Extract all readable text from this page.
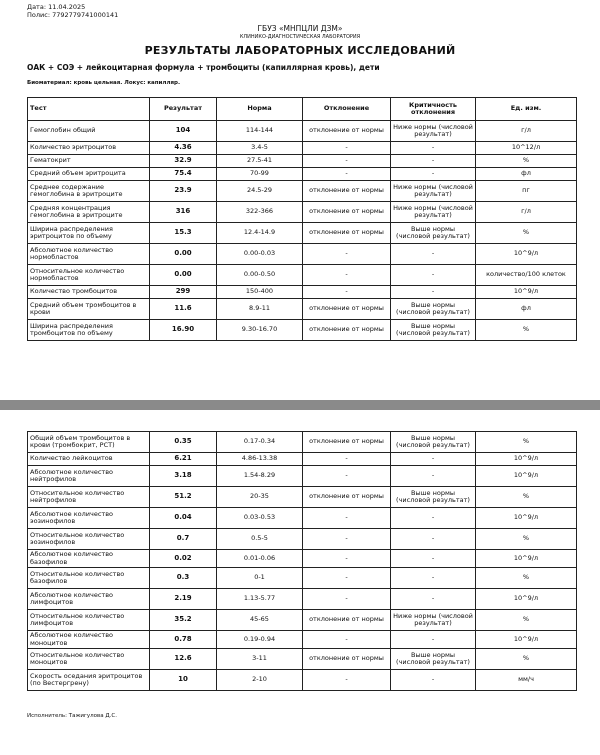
Дата: 11.04.2025
Полис: 7792779741000141
ГБУЗ «МНПЦЛИ ДЗМ»
КЛИНИКО-ДИАГНОСТИЧЕСКАЯ ЛАБОРАТОРИЯ
РЕЗУЛЬТАТЫ ЛАБОРАТОРНЫХ ИССЛЕДОВАНИЙ
ОАК + СОЭ + лейкоцитарная формула + тромбоциты (капиллярная кровь), дети
Биоматериал: кровь цельная. Локус: капилляр.
Тест	Результат	Норма	Отклонение	Критичность отклонения	Ед. изм.
Гемоглобин общий	104	114-144	отклонение от нормы	Ниже нормы (числовой результат)	г/л
Количество эритроцитов	4.36	3.4-5	-	-	10^12/л
Гематокрит	32.9	27.5-41	-	-	%
Средний объем эритроцита	75.4	70-99	-	-	фл
Среднее содержание гемоглобина в эритроците	23.9	24.5-29	отклонение от нормы	Ниже нормы (числовой результат)	пг
Средняя концентрация гемоглобина в эритроците	316	322-366	отклонение от нормы	Ниже нормы (числовой результат)	г/л
Ширина распределения эритроцитов по объему	15.3	12.4-14.9	отклонение от нормы	Выше нормы (числовой результат)	%
Абсолютное количество нормобластов	0.00	0.00-0.03	-	-	10^9/л
Относительное количество нормобластов	0.00	0.00-0.50	-	-	количество/100 клеток
Количество тромбоцитов	299	150-400	-	-	10^9/л
Средний объем тромбоцитов в крови	11.6	8.9-11	отклонение от нормы	Выше нормы (числовой результат)	фл
Ширина распределения тромбоцитов по объему	16.90	9.30-16.70	отклонение от нормы	Выше нормы (числовой результат)	%
Общий объем тромбоцитов в крови (тромбокрит, PCT)	0.35	0.17-0.34	отклонение от нормы	Выше нормы (числовой результат)	%
Количество лейкоцитов	6.21	4.86-13.38	-	-	10^9/л
Абсолютное количество нейтрофилов	3.18	1.54-8.29	-	-	10^9/л
Относительное количество нейтрофилов	51.2	20-35	отклонение от нормы	Выше нормы (числовой результат)	%
Абсолютное количество эозинофилов	0.04	0.03-0.53	-	-	10^9/л
Относительное количество эозинофилов	0.7	0.5-5	-	-	%
Абсолютное количество базофилов	0.02	0.01-0.06	-	-	10^9/л
Относительное количество базофилов	0.3	0-1	-	-	%
Абсолютное количество лимфоцитов	2.19	1.13-5.77	-	-	10^9/л
Относительное количество лимфоцитов	35.2	45-65	отклонение от нормы	Ниже нормы (числовой результат)	%
Абсолютное количество моноцитов	0.78	0.19-0.94	-	-	10^9/л
Относительное количество моноцитов	12.6	3-11	отклонение от нормы	Выше нормы (числовой результат)	%
Скорость оседания эритроцитов (по Вестергрену)	10	2-10	-	-	мм/ч
Исполнитель: Тажигулова Д.С.
